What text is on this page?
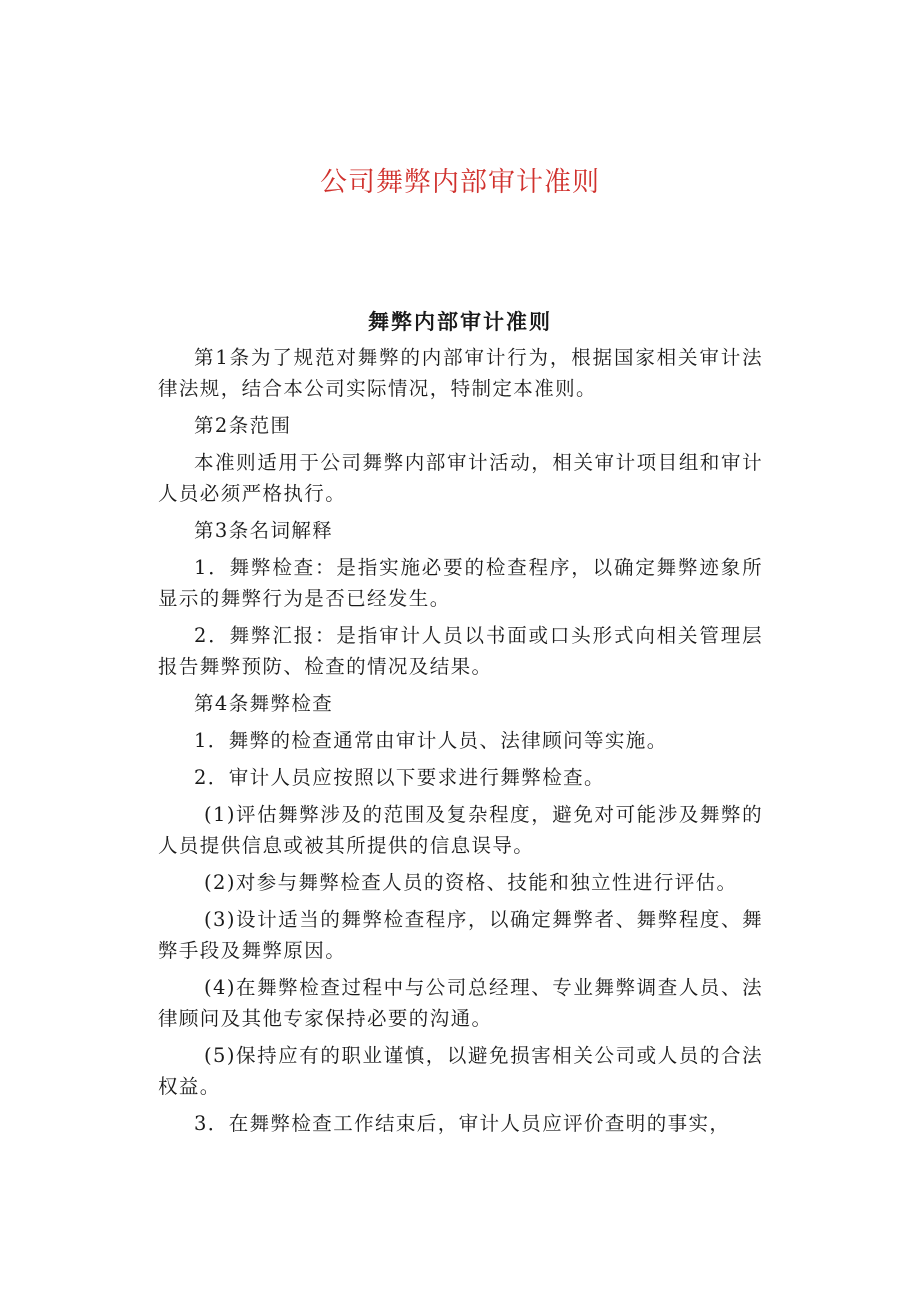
公司舞弊内部审计准则
舞弊内部审计准则

第1条为了规范对舞弊的内部审计行为，根据国家相关审计法律法规，结合本公司实际情况，特制定本准则。

第2条范围

本准则适用于公司舞弊内部审计活动，相关审计项目组和审计人员必须严格执行。

第3条名词解释

1．舞弊检查：是指实施必要的检查程序，以确定舞弊迹象所显示的舞弊行为是否已经发生。

2．舞弊汇报：是指审计人员以书面或口头形式向相关管理层报告舞弊预防、检查的情况及结果。

第4条舞弊检查

1．舞弊的检查通常由审计人员、法律顾问等实施。

2．审计人员应按照以下要求进行舞弊检查。

(1)评估舞弊涉及的范围及复杂程度，避免对可能涉及舞弊的人员提供信息或被其所提供的信息误导。

(2)对参与舞弊检查人员的资格、技能和独立性进行评估。

(3)设计适当的舞弊检查程序，以确定舞弊者、舞弊程度、舞弊手段及舞弊原因。

(4)在舞弊检查过程中与公司总经理、专业舞弊调查人员、法律顾问及其他专家保持必要的沟通。

(5)保持应有的职业谨慎，以避免损害相关公司或人员的合法权益。

3．在舞弊检查工作结束后，审计人员应评价查明的事实，
